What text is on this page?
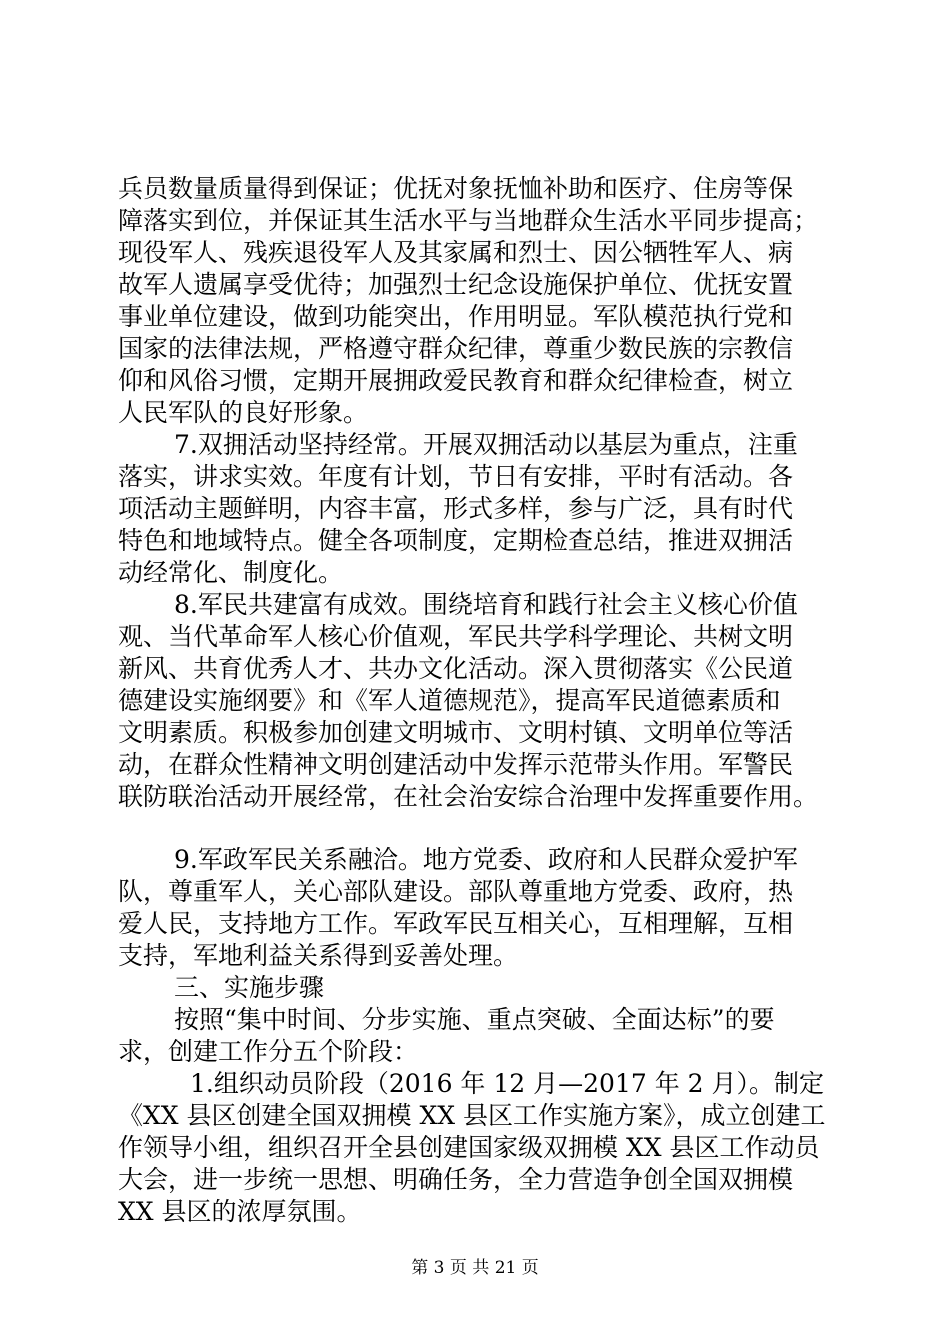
兵员数量质量得到保证；优抚对象抚恤补助和医疗、住房等保
障落实到位，并保证其生活水平与当地群众生活水平同步提高；
现役军人、残疾退役军人及其家属和烈士、因公牺牲军人、病
故军人遗属享受优待；加强烈士纪念设施保护单位、优抚安置
事业单位建设，做到功能突出，作用明显。军队模范执行党和
国家的法律法规，严格遵守群众纪律，尊重少数民族的宗教信
仰和风俗习惯，定期开展拥政爱民教育和群众纪律检查，树立
人民军队的良好形象。
7.双拥活动坚持经常。开展双拥活动以基层为重点，注重
落实，讲求实效。年度有计划，节日有安排，平时有活动。各
项活动主题鲜明，内容丰富，形式多样，参与广泛，具有时代
特色和地域特点。健全各项制度，定期检查总结，推进双拥活
动经常化、制度化。
8.军民共建富有成效。围绕培育和践行社会主义核心价值
观、当代革命军人核心价值观，军民共学科学理论、共树文明
新风、共育优秀人才、共办文化活动。深入贯彻落实《公民道
德建设实施纲要》和《军人道德规范》，提高军民道德素质和
文明素质。积极参加创建文明城市、文明村镇、文明单位等活
动，在群众性精神文明创建活动中发挥示范带头作用。军警民
联防联治活动开展经常，在社会治安综合治理中发挥重要作用。
9.军政军民关系融洽。地方党委、政府和人民群众爱护军
队，尊重军人，关心部队建设。部队尊重地方党委、政府，热
爱人民，支持地方工作。军政军民互相关心，互相理解，互相
支持，军地利益关系得到妥善处理。
三、实施步骤
按照“集中时间、分步实施、重点突破、全面达标”的要
求，创建工作分五个阶段：
1.组织动员阶段（2016 年 12 月—2017 年 2 月）。制定
《XX 县区创建全国双拥模 XX 县区工作实施方案》，成立创建工
作领导小组，组织召开全县创建国家级双拥模 XX 县区工作动员
大会，进一步统一思想、明确任务，全力营造争创全国双拥模
XX 县区的浓厚氛围。
第 3 页 共 21 页
